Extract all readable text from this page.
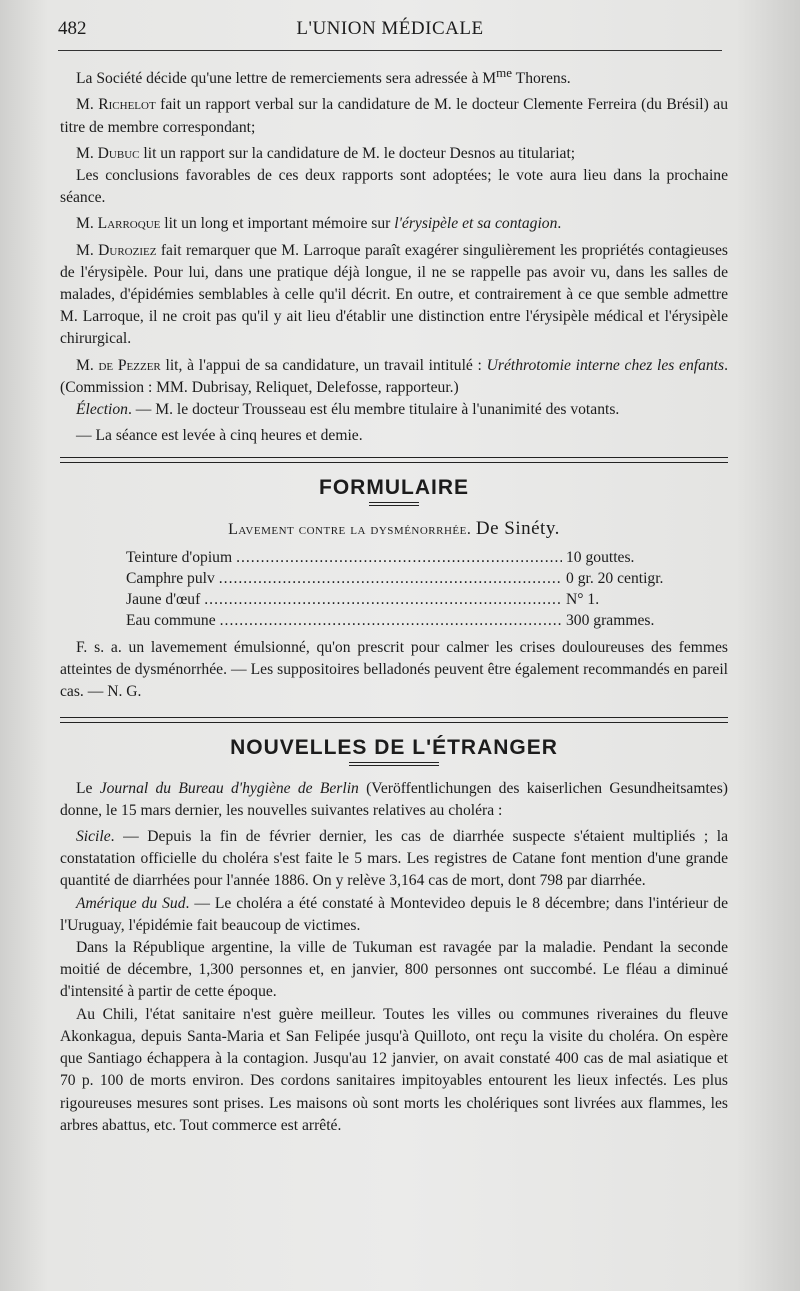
482	L'UNION MÉDICALE

La Société décide qu'une lettre de remerciements sera adressée à $M^{me}$ Thorens.

M. Richelot fait un rapport verbal sur la candidature de M. le docteur Clemente Ferreira (du Brésil) au titre de membre correspondant;

M. Dubuc lit un rapport sur la candidature de M. le docteur Desnos au titulariat;

Les conclusions favorables de ces deux rapports sont adoptées; le vote aura lieu dans la prochaine séance.

M. Larroque lit un long et important mémoire sur l'érysipèle et sa contagion.

M. Duroziez fait remarquer que M. Larroque paraît exagérer singulièrement les propriétés contagieuses de l'érysipèle. Pour lui, dans une pratique déjà longue, il ne se rappelle pas avoir vu, dans les salles de malades, d'épidémies semblables à celle qu'il décrit. En outre, et contrairement à ce que semble admettre M. Larroque, il ne croit pas qu'il y ait lieu d'établir une distinction entre l'érysipèle médical et l'érysipèle chirurgical.

M. de Pezzer lit, à l'appui de sa candidature, un travail intitulé : Uréthrotomie interne chez les enfants. (Commission : MM. Dubrisay, Reliquet, Delefosse, rapporteur.)

Élection. — M. le docteur Trousseau est élu membre titulaire à l'unanimité des votants.

— La séance est levée à cinq heures et demie.

FORMULAIRE
Lavement contre la dysménorrhée. De Sinéty.
Teinture d'opium .....	10 gouttes.
Camphre pulv .....	0 gr. 20 centigr.
Jaune d'œuf .....	N° 1.
Eau commune .....	300 grammes.

F. s. a. un lavemement émulsionné, qu'on prescrit pour calmer les crises douloureuses des femmes atteintes de dysménorrhée. — Les suppositoires belladonés peuvent être également recommandés en pareil cas. — N. G.

NOUVELLES DE L'ÉTRANGER

Le Journal du Bureau d'hygiène de Berlin (Veröffentlichungen des kaiserlichen Gesundheitsamtes) donne, le 15 mars dernier, les nouvelles suivantes relatives au choléra :

Sicile. — Depuis la fin de février dernier, les cas de diarrhée suspecte s'étaient multipliés ; la constatation officielle du choléra s'est faite le 5 mars. Les registres de Catane font mention d'une grande quantité de diarrhées pour l'année 1886. On y relève 3,164 cas de mort, dont 798 par diarrhée.

Amérique du Sud. — Le choléra a été constaté à Montevideo depuis le 8 décembre; dans l'intérieur de l'Uruguay, l'épidémie fait beaucoup de victimes.

Dans la République argentine, la ville de Tukuman est ravagée par la maladie. Pendant la seconde moitié de décembre, 1,300 personnes et, en janvier, 800 personnes ont succombé. Le fléau a diminué d'intensité à partir de cette époque.

Au Chili, l'état sanitaire n'est guère meilleur. Toutes les villes ou communes riveraines du fleuve Akonkagua, depuis Santa-Maria et San Felipée jusqu'à Quilloto, ont reçu la visite du choléra. On espère que Santiago échappera à la contagion. Jusqu'au 12 janvier, on avait constaté 400 cas de mal asiatique et 70 p. 100 de morts environ. Des cordons sanitaires impitoyables entourent les lieux infectés. Les plus rigoureuses mesures sont prises. Les maisons où sont morts les cholériques sont livrées aux flammes, les arbres abattus, etc. Tout commerce est arrêté.
